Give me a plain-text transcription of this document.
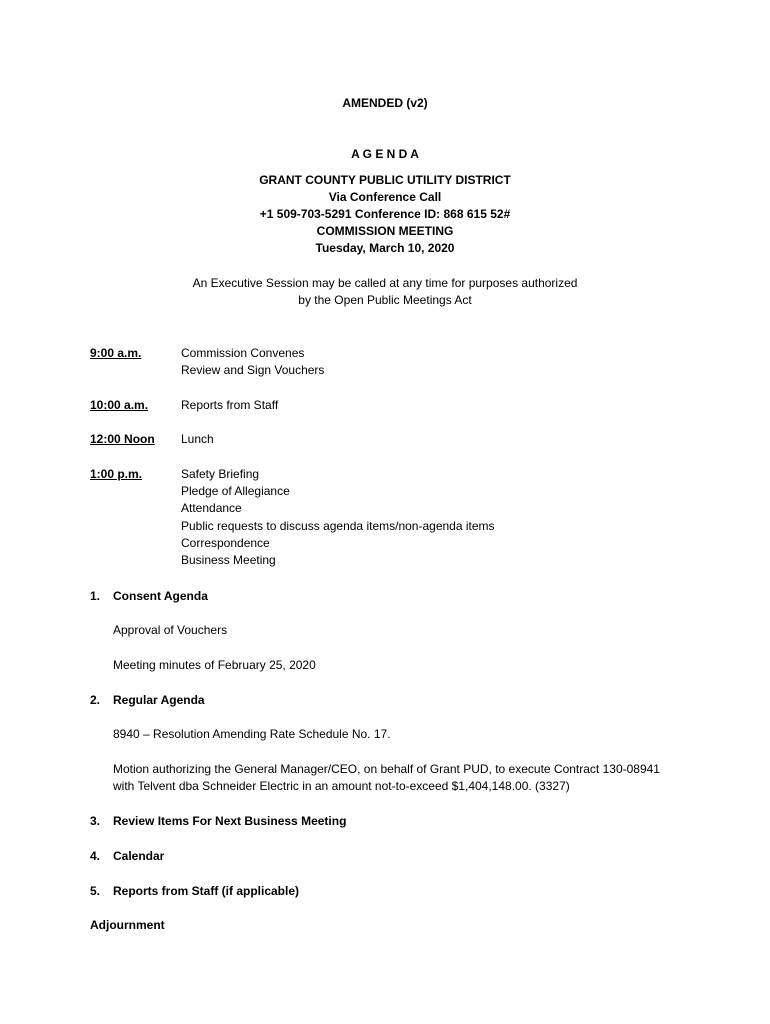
AMENDED (v2)
A G E N D A
GRANT COUNTY PUBLIC UTILITY DISTRICT
Via Conference Call
+1 509-703-5291 Conference ID: 868 615 52#
COMMISSION MEETING
Tuesday, March 10, 2020
An Executive Session may be called at any time for purposes authorized
by the Open Public Meetings Act
9:00 a.m.	Commission Convenes
Review and Sign Vouchers
10:00 a.m.	Reports from Staff
12:00 Noon Lunch
1:00 p.m.	Safety Briefing
Pledge of Allegiance
Attendance
Public requests to discuss agenda items/non-agenda items
Correspondence
Business Meeting
1. Consent Agenda
Approval of Vouchers
Meeting minutes of February 25, 2020
2. Regular Agenda
8940 – Resolution Amending Rate Schedule No. 17.
Motion authorizing the General Manager/CEO, on behalf of Grant PUD, to execute Contract 130-08941 with Telvent dba Schneider Electric in an amount not-to-exceed $1,404,148.00. (3327)
3. Review Items For Next Business Meeting
4. Calendar
5. Reports from Staff (if applicable)
Adjournment
